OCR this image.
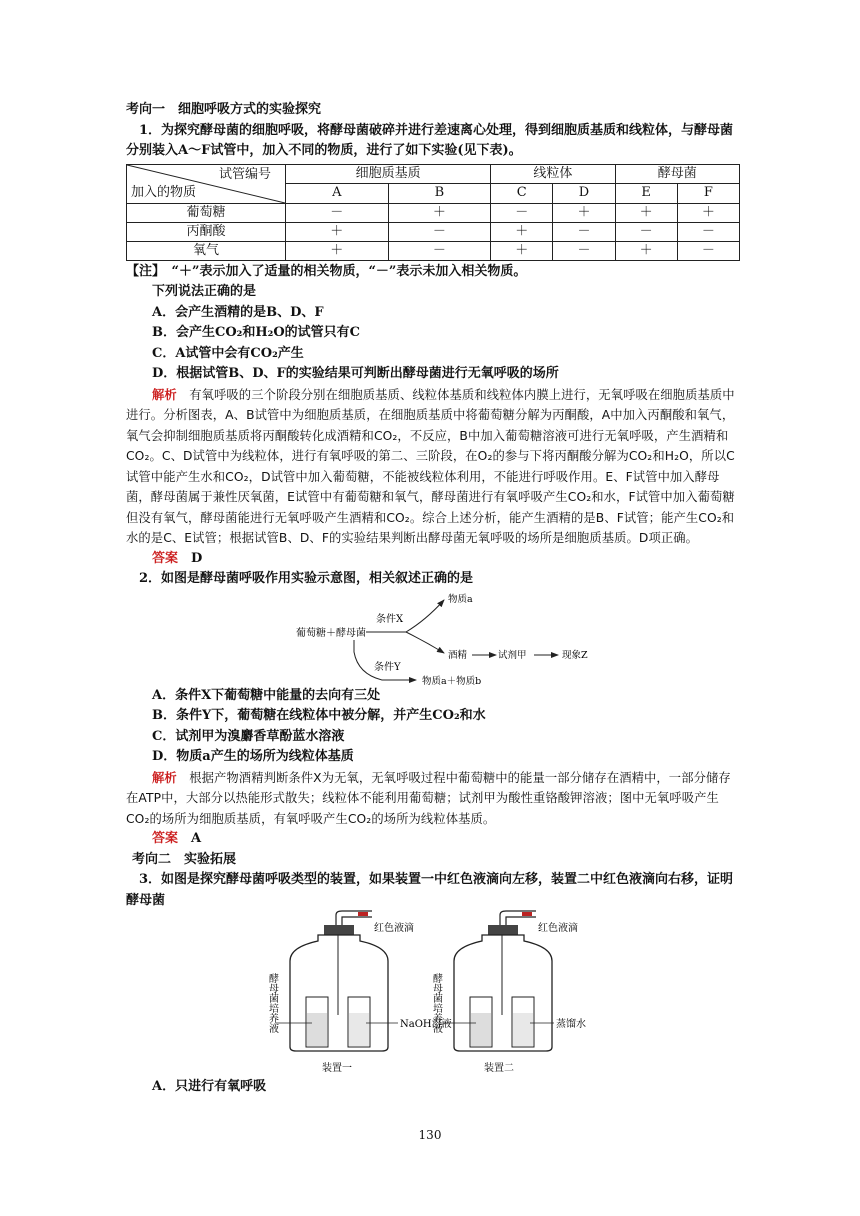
考向一　细胞呼吸方式的实验探究

1．为探究酵母菌的细胞呼吸，将酵母菌破碎并进行差速离心处理，得到细胞质基质和线粒体，与酵母菌分别装入A～F试管中，加入不同的物质，进行了如下实验(见下表)。

试管编号
加入的物质	细胞质基质		线粒体		酵母菌	
	A	B	C	D	E	F
葡萄糖	－	＋	－	＋	＋	＋
丙酮酸	＋	－	＋	－	－	－
氧气	＋	－	＋	－	＋	－

【注】　“＋”表示加入了适量的相关物质，“－”表示未加入相关物质。

下列说法正确的是

A．会产生酒精的是B、D、F

B．会产生CO₂和H₂O的试管只有C

C．A试管中会有CO₂产生

D．根据试管B、D、F的实验结果可判断出酵母菌进行无氧呼吸的场所

解析　 有氧呼吸的三个阶段分别在细胞质基质、线粒体基质和线粒体内膜上进行，无氧呼吸在细胞质基质中进行。分析图表，A、B试管中为细胞质基质，在细胞质基质中将葡萄糖分解为丙酮酸，A中加入丙酮酸和氧气，氧气会抑制细胞质基质将丙酮酸转化成酒精和CO₂，不反应，B中加入葡萄糖溶液可进行无氧呼吸，产生酒精和CO₂。C、D试管中为线粒体，进行有氧呼吸的第二、三阶段，在O₂的参与下将丙酮酸分解为CO₂和H₂O，所以C试管中能产生水和CO₂，D试管中加入葡萄糖，不能被线粒体利用，不能进行呼吸作用。E、F试管中加入酵母菌，酵母菌属于兼性厌氧菌，E试管中有葡萄糖和氧气，酵母菌进行有氧呼吸产生CO₂和水，F试管中加入葡萄糖但没有氧气，酵母菌能进行无氧呼吸产生酒精和CO₂。综合上述分析，能产生酒精的是B、F试管；能产生CO₂和水的是C、E试管；根据试管B、D、F的实验结果判断出酵母菌无氧呼吸的场所是细胞质基质。D项正确。

答案　 D

2．如图是酵母菌呼吸作用实验示意图，相关叙述正确的是

葡萄糖＋酵母菌
条件X
物质a
酒精	试剂甲	现象Z
条件Y
物质a＋物质b

A．条件X下葡萄糖中能量的去向有三处

B．条件Y下，葡萄糖在线粒体中被分解，并产生CO₂和水

C．试剂甲为溴麝香草酚蓝水溶液

D．物质a产生的场所为线粒体基质

解析　 根据产物酒精判断条件X为无氧，无氧呼吸过程中葡萄糖中的能量一部分储存在酒精中，一部分储存在ATP中，大部分以热能形式散失；线粒体不能利用葡萄糖；试剂甲为酸性重铬酸钾溶液；图中无氧呼吸产生CO₂的场所为细胞质基质，有氧呼吸产生CO₂的场所为线粒体基质。

答案　 A

考向二　实验拓展

3．如图是探究酵母菌呼吸类型的装置，如果装置一中红色液滴向左移，装置二中红色液滴向右移，证明酵母菌

红色液滴
NaOH溶液
装置一
酵母菌培养液
红色液滴
蒸馏水
装置二
酵母菌培养液

A．只进行有氧呼吸

130
